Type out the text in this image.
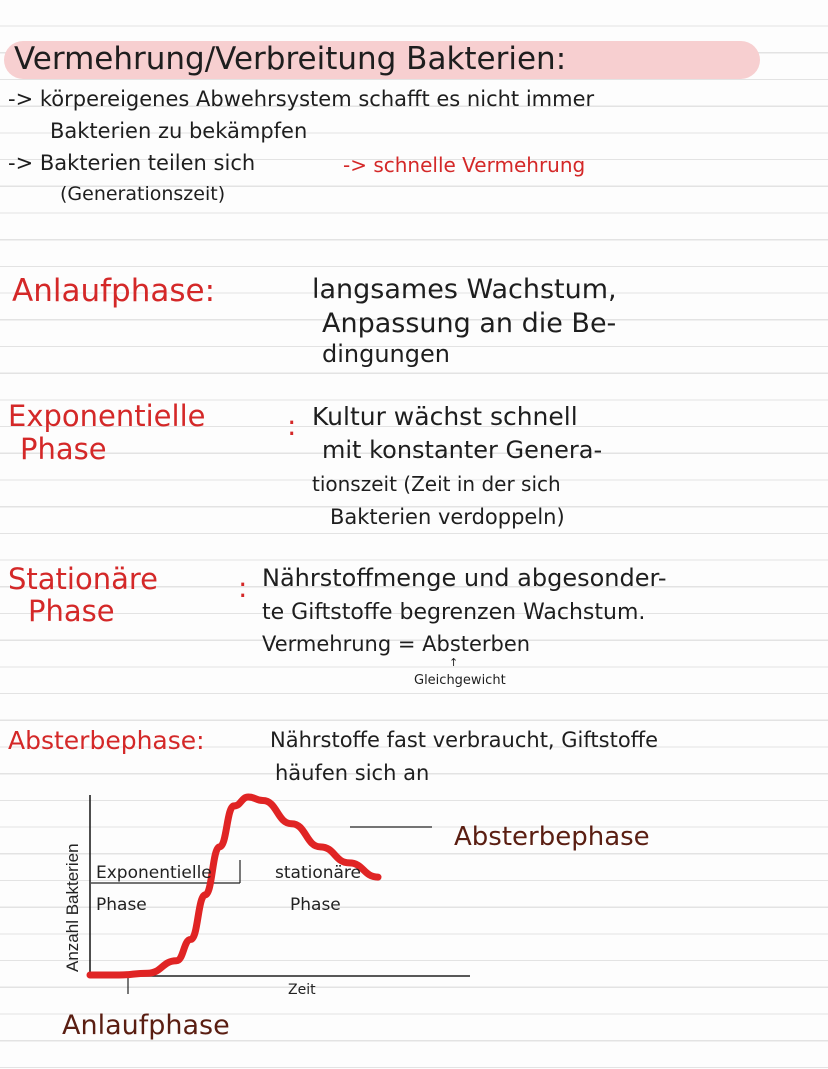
Vermehrung/Verbreitung Bakterien:
-> körpereigenes Abwehrsystem schafft es nicht immer
Bakterien zu bekämpfen
-> Bakterien teilen sich	-> schnelle Vermehrung
(Generationszeit)
Anlaufphase:	langsames Wachstum,
Anpassung an die Be-
dingungen
Exponentielle
Phase
: Kultur wächst schnell
mit konstanter Genera-
tionszeit (Zeit in der sich
Bakterien verdoppeln)
Stationäre
Phase
: Nährstoffmenge und abgesonder-
te Giftstoffe begrenzen Wachstum.
Vermehrung = Absterben
↑
Gleichgewicht
Absterbephase:	Nährstoffe fast verbraucht, Giftstoffe
häufen sich an
Anzahl Bakterien
Zeit
Exponentielle
Phase
stationäre
Phase
Absterbephase
Anlaufphase
